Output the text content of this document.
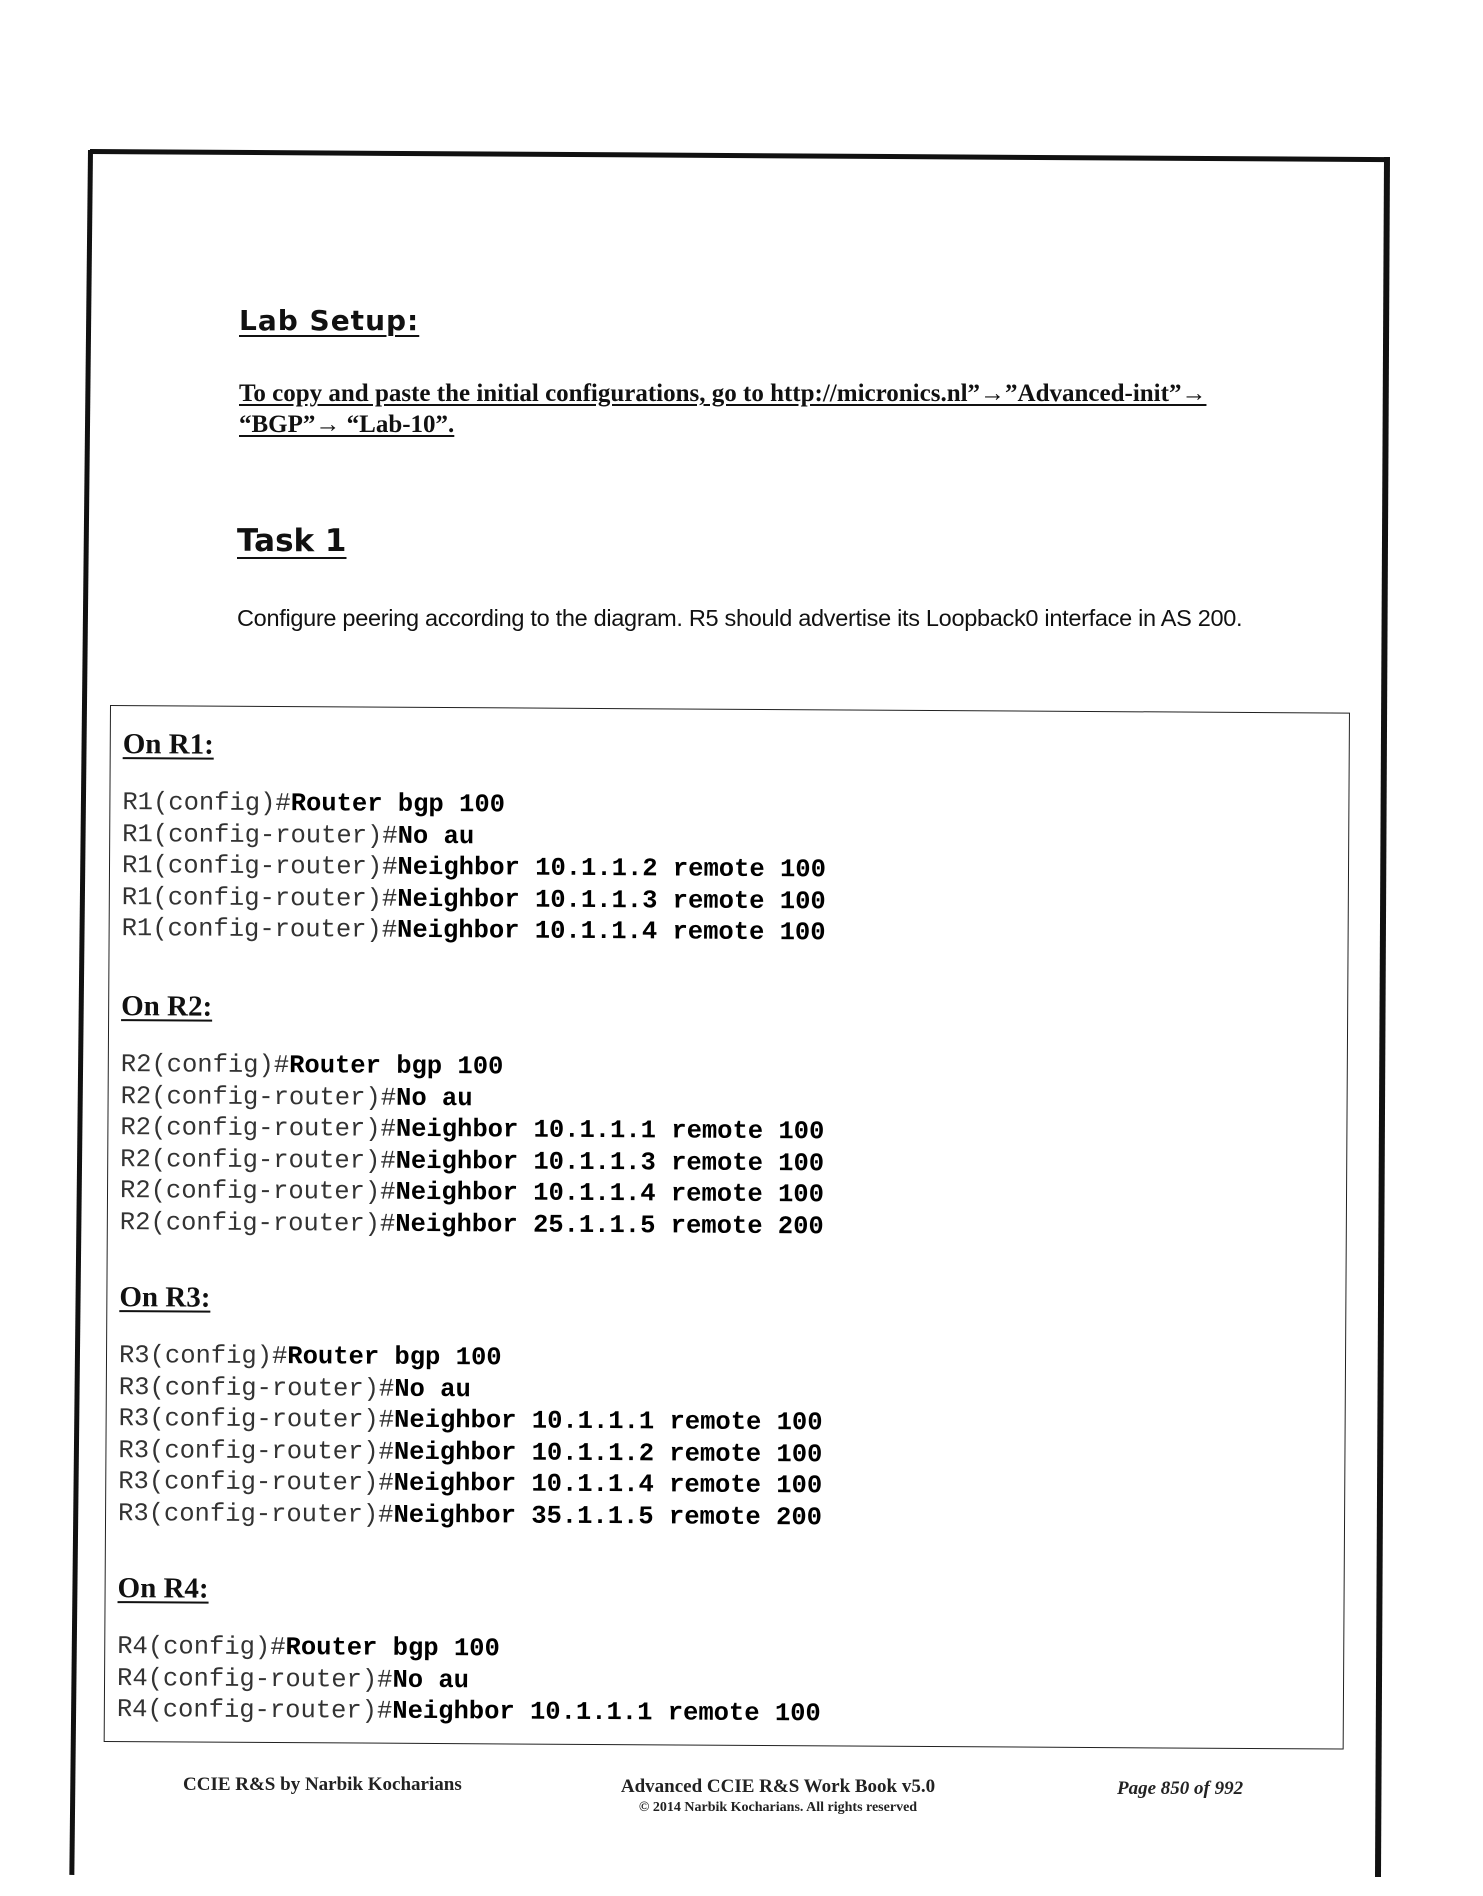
Lab Setup:

To copy and paste the initial configurations, go to http://micronics.nl”→”Advanced-init”→ “BGP”→ “Lab-10”.

Task 1

Configure peering according to the diagram. R5 should advertise its Loopback0 interface in AS 200.

On R1:
R1(config)#Router bgp 100
R1(config-router)#No au
R1(config-router)#Neighbor 10.1.1.2 remote 100
R1(config-router)#Neighbor 10.1.1.3 remote 100
R1(config-router)#Neighbor 10.1.1.4 remote 100
On R2:
R2(config)#Router bgp 100
R2(config-router)#No au
R2(config-router)#Neighbor 10.1.1.1 remote 100
R2(config-router)#Neighbor 10.1.1.3 remote 100
R2(config-router)#Neighbor 10.1.1.4 remote 100
R2(config-router)#Neighbor 25.1.1.5 remote 200
On R3:
R3(config)#Router bgp 100
R3(config-router)#No au
R3(config-router)#Neighbor 10.1.1.1 remote 100
R3(config-router)#Neighbor 10.1.1.2 remote 100
R3(config-router)#Neighbor 10.1.1.4 remote 100
R3(config-router)#Neighbor 35.1.1.5 remote 200
On R4:
R4(config)#Router bgp 100
R4(config-router)#No au
R4(config-router)#Neighbor 10.1.1.1 remote 100

CCIE R&S by Narbik Kocharians	Advanced CCIE R&S Work Book v5.0
© 2014 Narbik Kocharians. All rights reserved

Page 850 of 992
